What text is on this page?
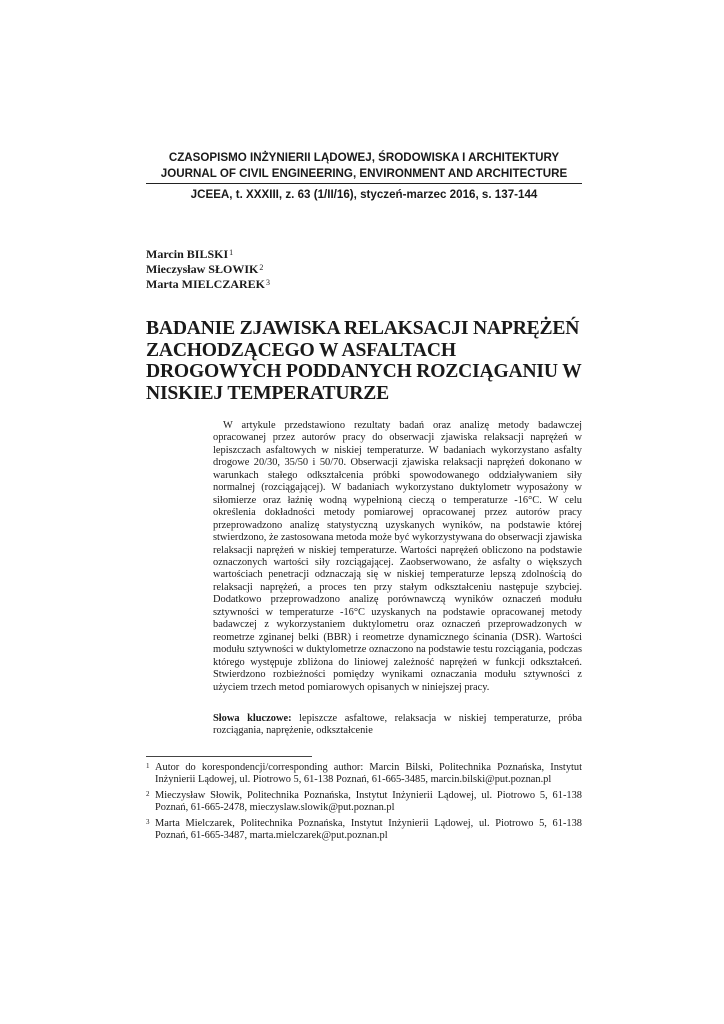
CZASOPISMO INŻYNIERII LĄDOWEJ, ŚRODOWISKA I ARCHITEKTURY
JOURNAL OF CIVIL ENGINEERING, ENVIRONMENT AND ARCHITECTURE
JCEEA, t. XXXIII, z. 63 (1/II/16), styczeń-marzec 2016, s. 137-144
Marcin BILSKI$^1$
Mieczysław SŁOWIK$^2$
Marta MIELCZAREK$^3$
BADANIE ZJAWISKA RELAKSACJI NAPRĘŻEŃ ZACHODZĄCEGO W ASFALTACH DROGOWYCH PODDANYCH ROZCIĄGANIU W NISKIEJ TEMPERATURZE

W artykule przedstawiono rezultaty badań oraz analizę metody badawczej opracowanej przez autorów pracy do obserwacji zjawiska relaksacji naprężeń w lepiszczach asfaltowych w niskiej temperaturze. W badaniach wykorzystano asfalty drogowe 20/30, 35/50 i 50/70. Obserwacji zjawiska relaksacji naprężeń dokonano w warunkach stałego odkształcenia próbki spowodowanego oddziaływaniem siły normalnej (rozciągającej). W badaniach wykorzystano duktylometr wyposażony w siłomierze oraz łaźnię wodną wypełnioną cieczą o temperaturze -16°C. W celu określenia dokładności metody pomiarowej opracowanej przez autorów pracy przeprowadzono analizę statystyczną uzyskanych wyników, na podstawie której stwierdzono, że zastosowana metoda może być wykorzystywana do obserwacji zjawiska relaksacji naprężeń w niskiej temperaturze. Wartości naprężeń obliczono na podstawie oznaczonych wartości siły rozciągającej. Zaobserwowano, że asfalty o większych wartościach penetracji odznaczają się w niskiej temperaturze lepszą zdolnością do relaksacji naprężeń, a proces ten przy stałym odkształceniu następuje szybciej. Dodatkowo przeprowadzono analizę porównawczą wyników oznaczeń modułu sztywności w temperaturze -16°C uzyskanych na podstawie opracowanej metody badawczej z wykorzystaniem duktylometru oraz oznaczeń przeprowadzonych w reometrze zginanej belki (BBR) i reometrze dynamicznego ścinania (DSR). Wartości modułu sztywności w duktylometrze oznaczono na podstawie testu rozciągania, podczas którego występuje zbliżona do liniowej zależność naprężeń w funkcji odkształceń. Stwierdzono rozbieżności pomiędzy wynikami oznaczania modułu sztywności z użyciem trzech metod pomiarowych opisanych w niniejszej pracy.

Słowa kluczowe: lepiszcze asfaltowe, relaksacja w niskiej temperaturze, próba rozciągania, naprężenie, odkształcenie

1 Autor do korespondencji/corresponding author: Marcin Bilski, Politechnika Poznańska, Instytut Inżynierii Lądowej, ul. Piotrowo 5, 61-138 Poznań, 61-665-3485, marcin.bilski@put.poznan.pl
2 Mieczysław Słowik, Politechnika Poznańska, Instytut Inżynierii Lądowej, ul. Piotrowo 5, 61-138 Poznań, 61-665-2478, mieczyslaw.slowik@put.poznan.pl
3 Marta Mielczarek, Politechnika Poznańska, Instytut Inżynierii Lądowej, ul. Piotrowo 5, 61-138 Poznań, 61-665-3487, marta.mielczarek@put.poznan.pl
